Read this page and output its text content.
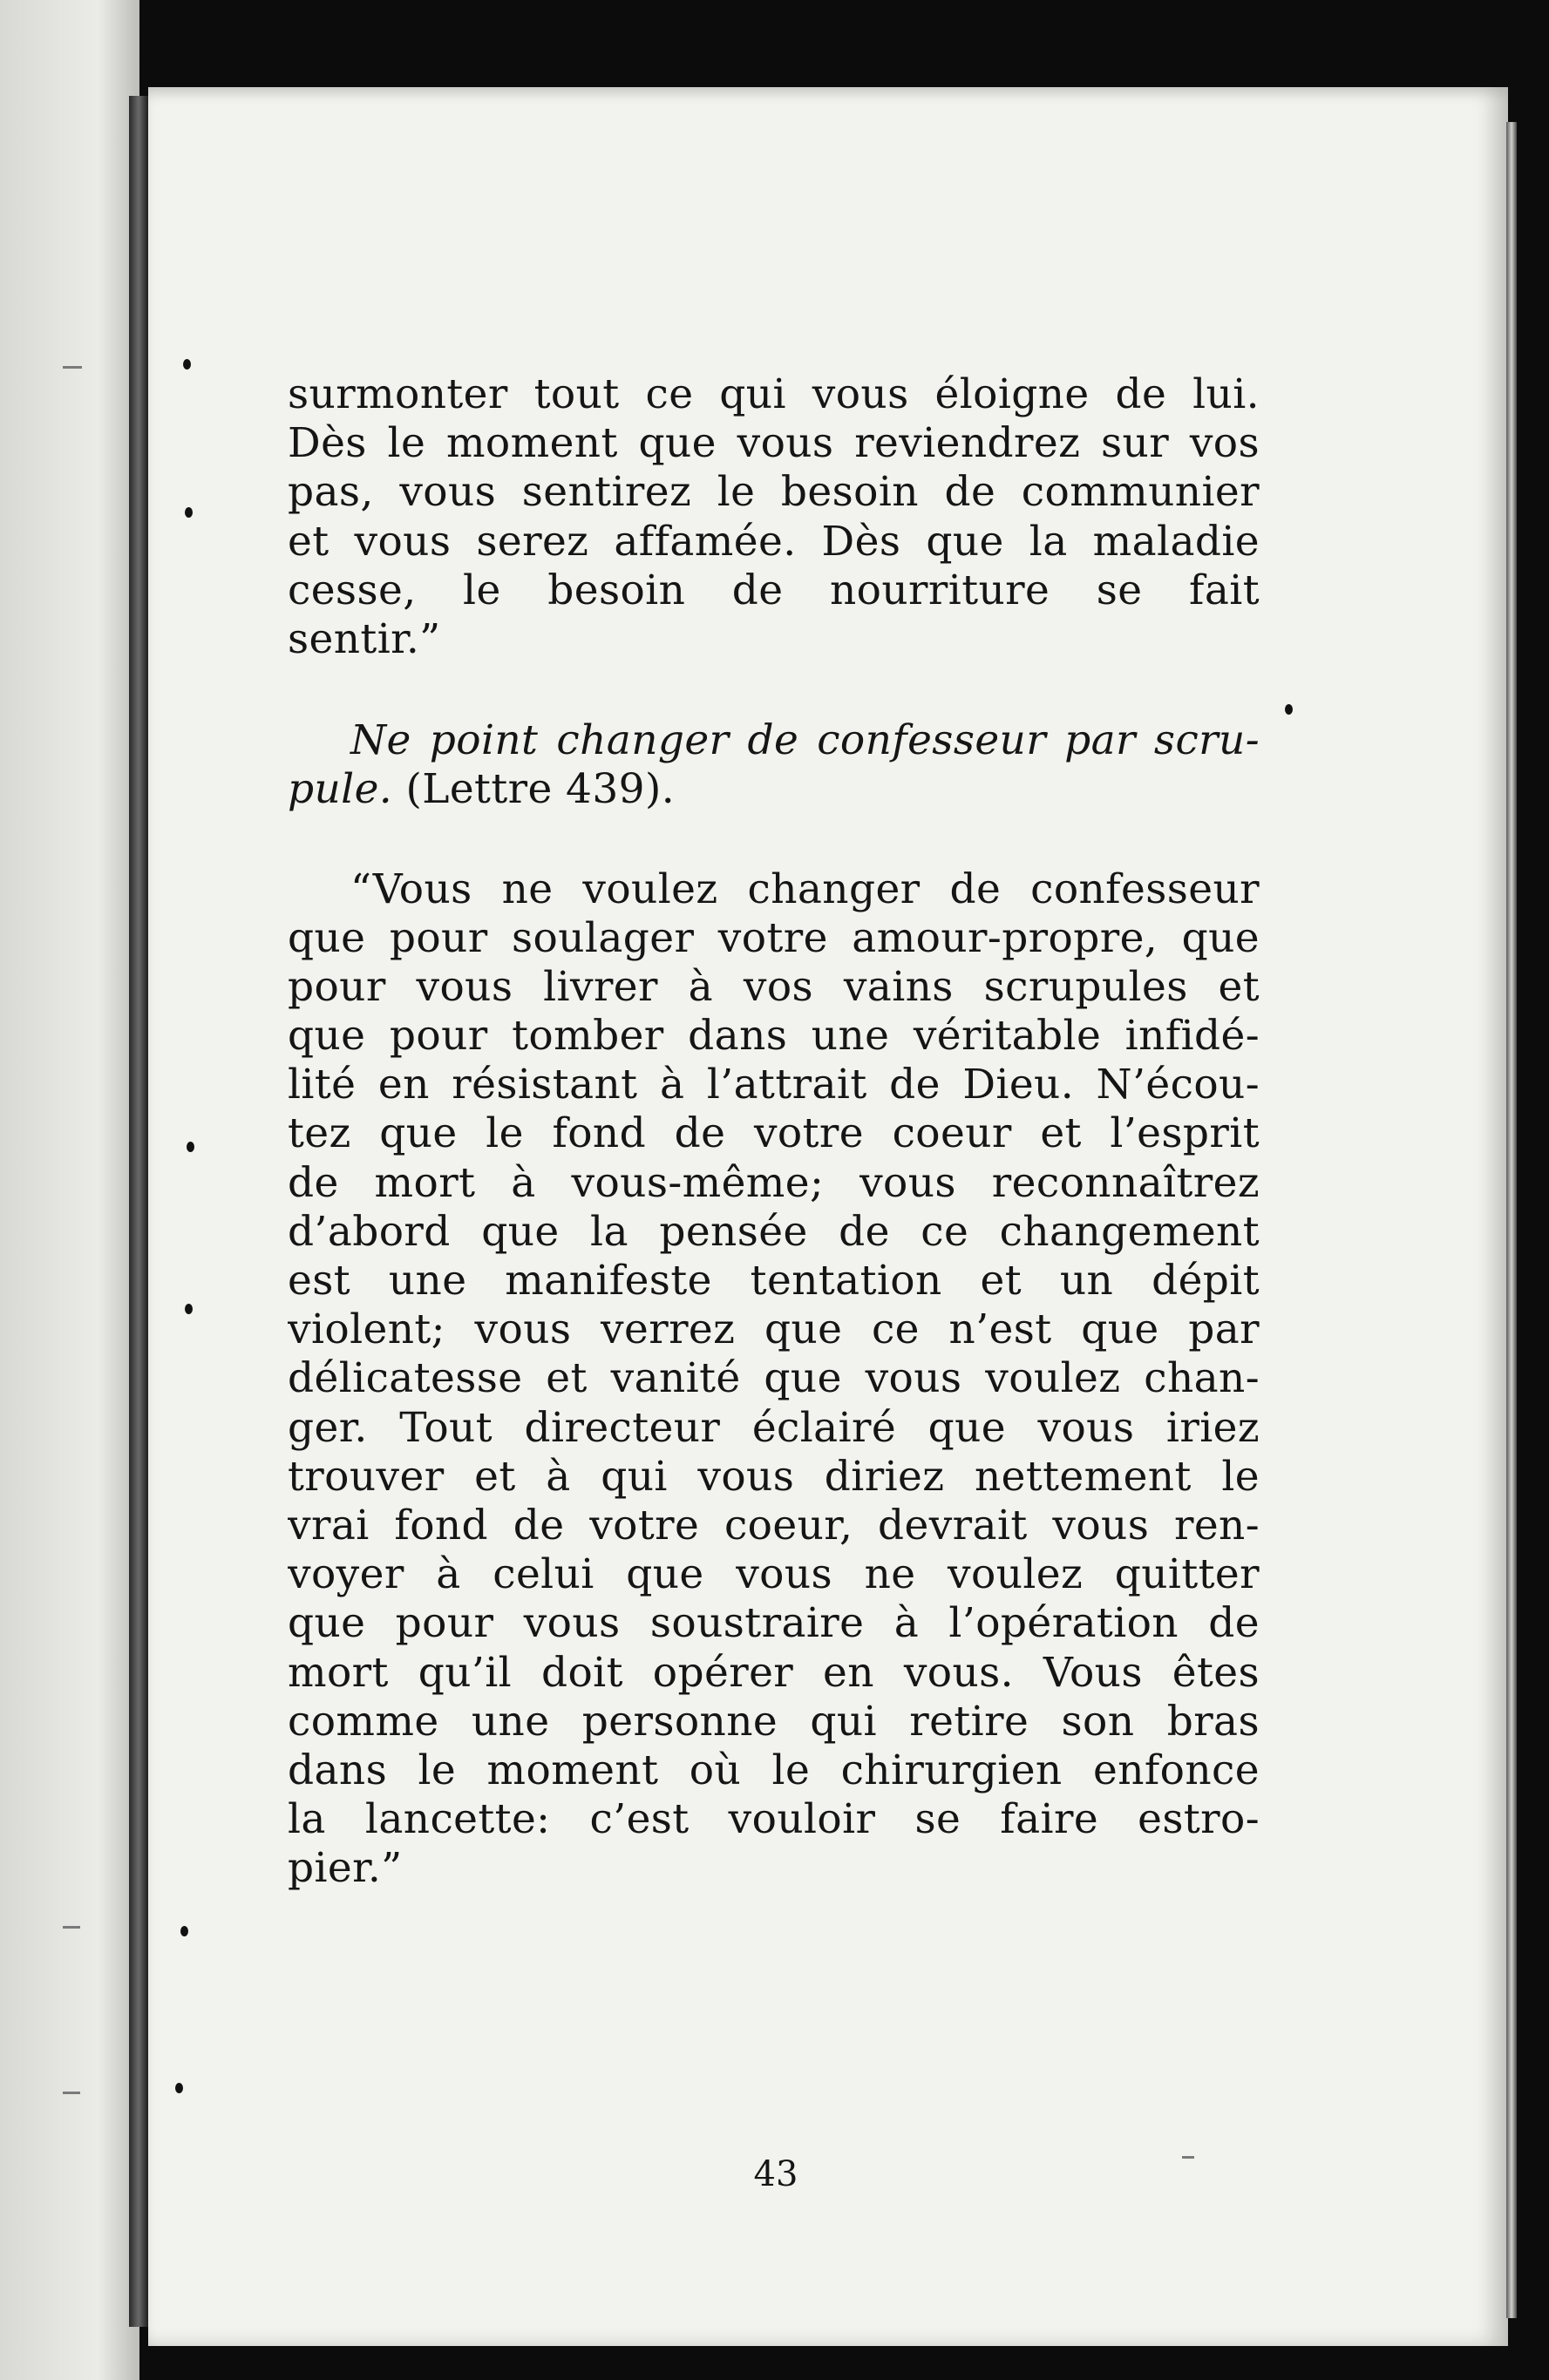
surmonter tout ce qui vous éloigne de lui.
Dès le moment que vous reviendrez sur vos
pas, vous sentirez le besoin de communier
et vous serez affamée. Dès que la maladie
cesse, le besoin de nourriture se fait
sentir.”
Ne point changer de confesseur par scru-
pule. (Lettre 439).
“Vous ne voulez changer de confesseur
que pour soulager votre amour-propre, que
pour vous livrer à vos vains scrupules et
que pour tomber dans une véritable infidé-
lité en résistant à l’attrait de Dieu. N’écou-
tez que le fond de votre coeur et l’esprit
de mort à vous-même; vous reconnaîtrez
d’abord que la pensée de ce changement
est une manifeste tentation et un dépit
violent; vous verrez que ce n’est que par
délicatesse et vanité que vous voulez chan-
ger. Tout directeur éclairé que vous iriez
trouver et à qui vous diriez nettement le
vrai fond de votre coeur, devrait vous ren-
voyer à celui que vous ne voulez quitter
que pour vous soustraire à l’opération de
mort qu’il doit opérer en vous. Vous êtes
comme une personne qui retire son bras
dans le moment où le chirurgien enfonce
la lancette: c’est vouloir se faire estro-
pier.”
43
